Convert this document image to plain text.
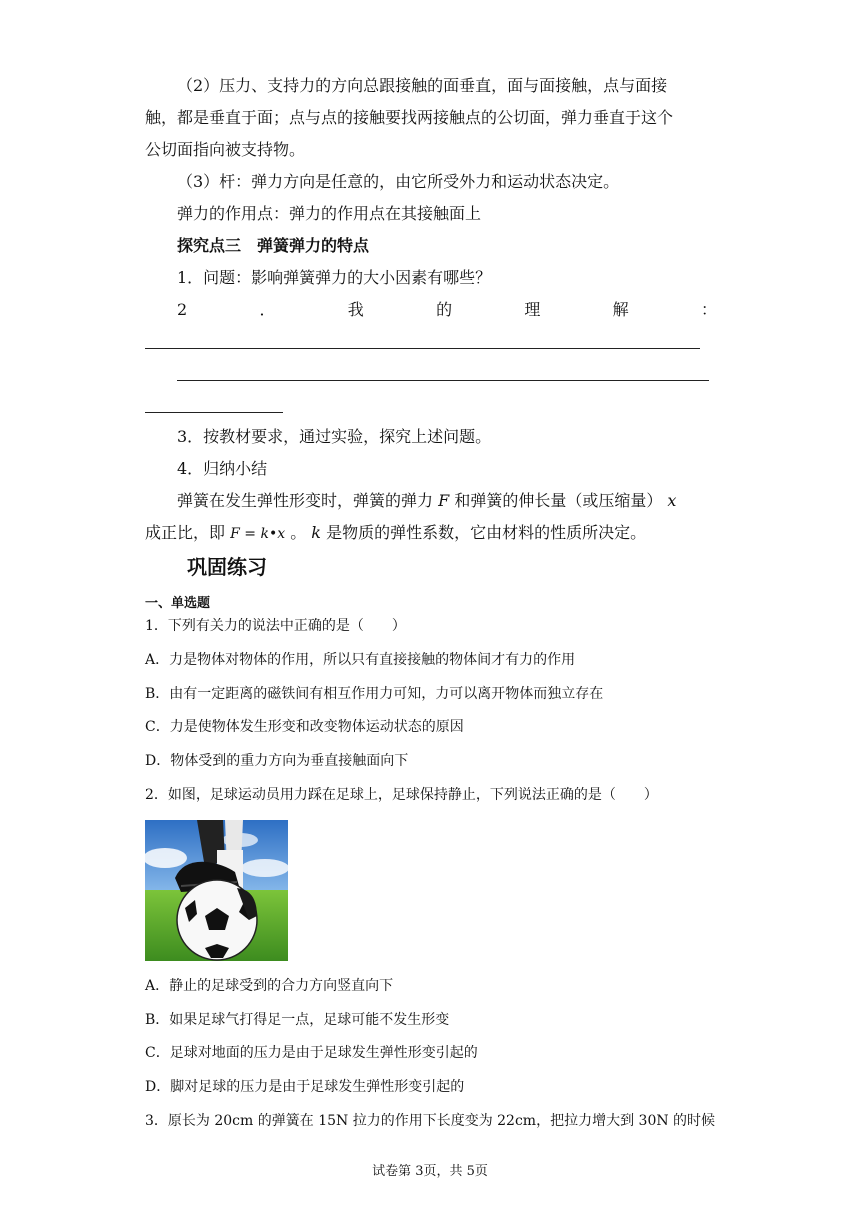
（2）压力、支持力的方向总跟接触的面垂直，面与面接触，点与面接
触，都是垂直于面；点与点的接触要找两接触点的公切面，弹力垂直于这个
公切面指向被支持物。
（3）杆：弹力方向是任意的，由它所受外力和运动状态决定。
弹力的作用点：弹力的作用点在其接触面上
探究点三　弹簧弹力的特点
1．问题：影响弹簧弹力的大小因素有哪些？
2	．	我	的	理	解	：
3．按教材要求，通过实验，探究上述问题。
4．归纳小结
弹簧在发生弹性形变时，弹簧的弹力 F 和弹簧的伸长量（或压缩量） x
成正比，即 F = k•x 。 k 是物质的弹性系数，它由材料的性质所决定。
巩固练习
一、单选题
1．下列有关力的说法中正确的是（　　）
A．力是物体对物体的作用，所以只有直接接触的物体间才有力的作用
B．由有一定距离的磁铁间有相互作用力可知，力可以离开物体而独立存在
C．力是使物体发生形变和改变物体运动状态的原因
D．物体受到的重力方向为垂直接触面向下
2．如图，足球运动员用力踩在足球上，足球保持静止，下列说法正确的是（　　）
A．静止的足球受到的合力方向竖直向下
B．如果足球气打得足一点，足球可能不发生形变
C．足球对地面的压力是由于足球发生弹性形变引起的
D．脚对足球的压力是由于足球发生弹性形变引起的
3．原长为 20cm 的弹簧在 15N 拉力的作用下长度变为 22cm，把拉力增大到 30N 的时候
试卷第 3页，共 5页
